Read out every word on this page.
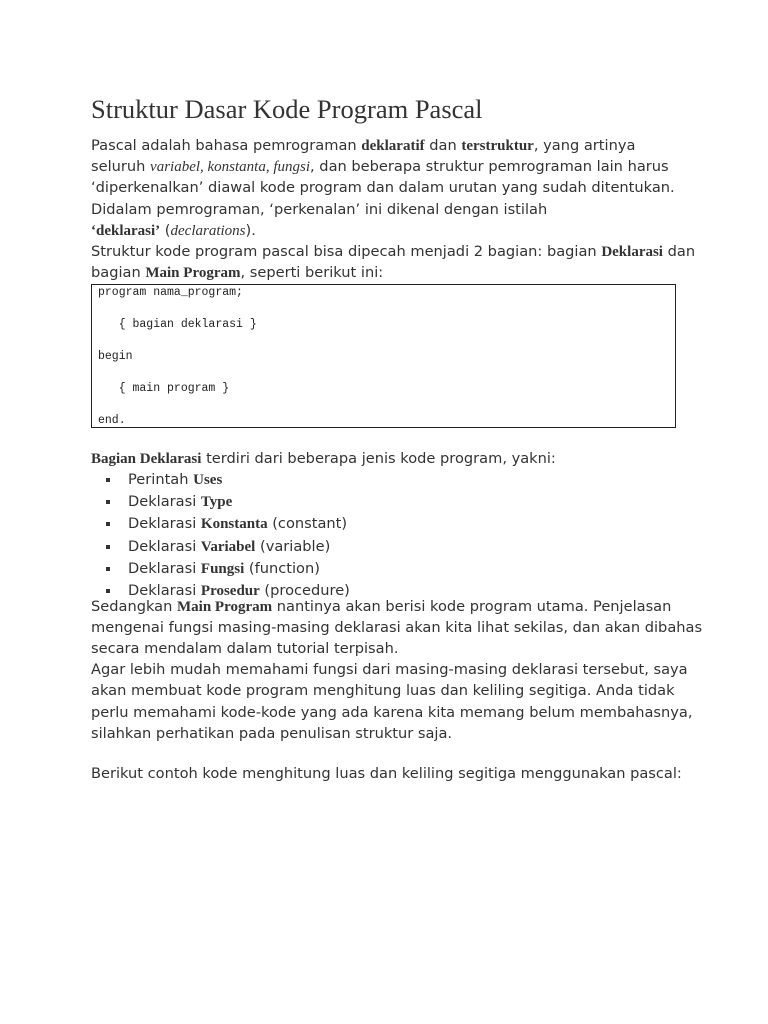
Struktur Dasar Kode Program Pascal

Pascal adalah bahasa pemrograman deklaratif dan terstruktur, yang artinya

seluruh variabel, konstanta, fungsi, dan beberapa struktur pemrograman lain harus

‘diperkenalkan’ diawal kode program dan dalam urutan yang sudah ditentukan.

Didalam pemrograman, ‘perkenalan’ ini dikenal dengan istilah

‘deklarasi’ (declarations).

Struktur kode program pascal bisa dipecah menjadi 2 bagian: bagian Deklarasi dan

bagian Main Program, seperti berikut ini:

program nama_program;
{ bagian deklarasi }
begin
{ main program }
end.

Bagian Deklarasi terdiri dari beberapa jenis kode program, yakni:

Perintah Uses
Deklarasi Type
Deklarasi Konstanta (constant)
Deklarasi Variabel (variable)
Deklarasi Fungsi (function)
Deklarasi Prosedur (procedure)

Sedangkan Main Program nantinya akan berisi kode program utama. Penjelasan

mengenai fungsi masing-masing deklarasi akan kita lihat sekilas, dan akan dibahas

secara mendalam dalam tutorial terpisah.

Agar lebih mudah memahami fungsi dari masing-masing deklarasi tersebut, saya

akan membuat kode program menghitung luas dan keliling segitiga. Anda tidak

perlu memahami kode-kode yang ada karena kita memang belum membahasnya,

silahkan perhatikan pada penulisan struktur saja.

Berikut contoh kode menghitung luas dan keliling segitiga menggunakan pascal:
